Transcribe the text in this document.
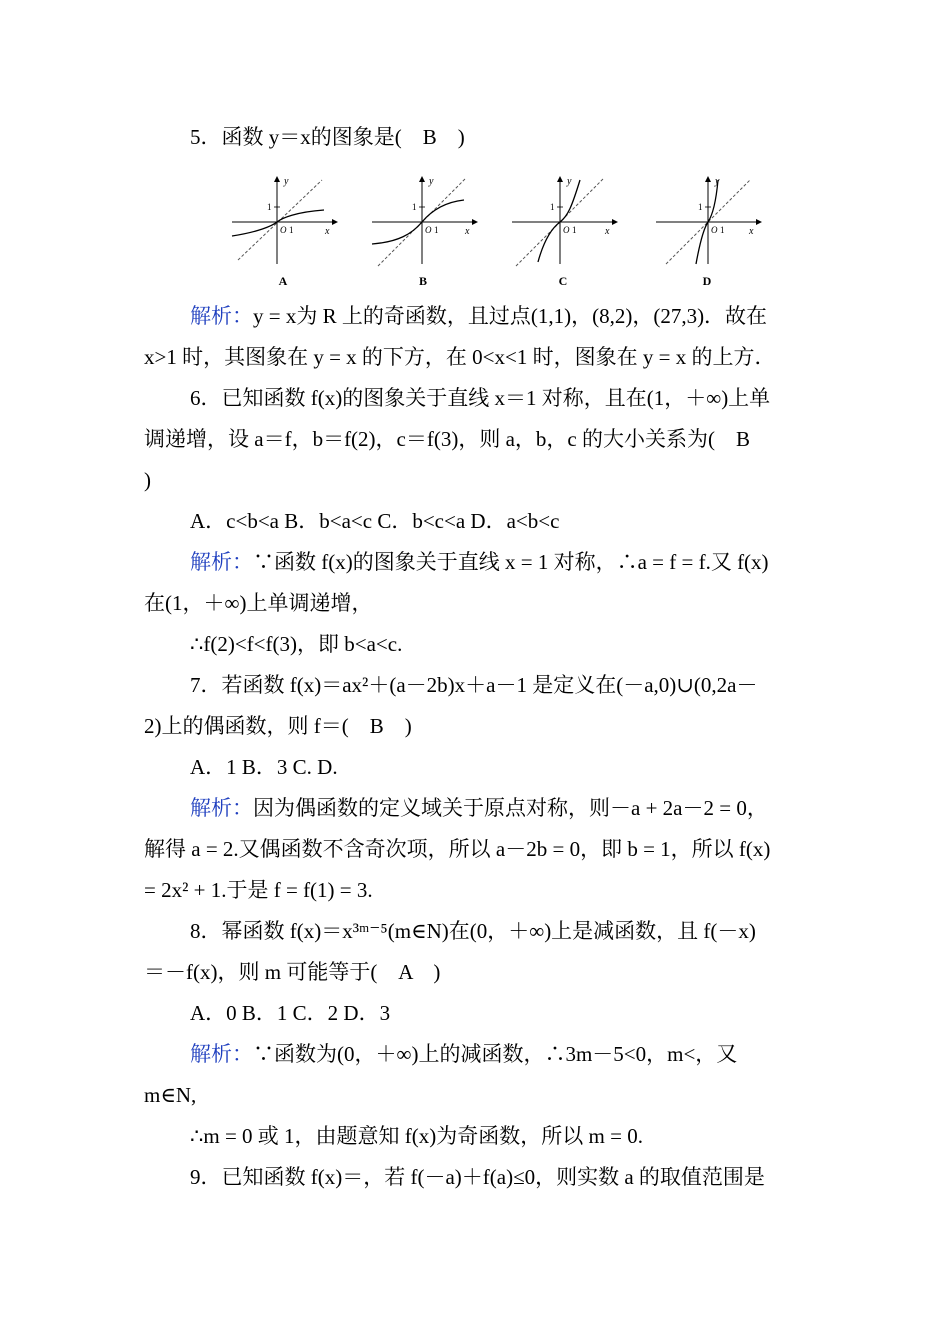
5．函数 y＝x的图象是(　B　)
y
x
O 1
1
A
y
x
O 1
1
B
y
x
O 1
1
C
y
x
O 1
1
D
解析：y = x为 R 上的奇函数，且过点(1,1)，(8,2)，(27,3)．故在
x>1 时，其图象在 y = x 的下方，在 0<x<1 时，图象在 y = x 的上方．
6．已知函数 f(x)的图象关于直线 x＝1 对称，且在(1，＋∞)上单
调递增，设 a＝f，b＝f(2)，c＝f(3)，则 a，b，c 的大小关系为(　B
)
A．c<b<a B．b<a<c C．b<c<a D．a<b<c
解析：∵函数 f(x)的图象关于直线 x = 1 对称，∴a = f = f.又 f(x)
在(1，＋∞)上单调递增，
∴f(2)<f<f(3)，即 b<a<c.
7．若函数 f(x)＝ax²＋(a－2b)x＋a－1 是定义在(－a,0)∪(0,2a－
2)上的偶函数，则 f＝(　B　)
A．1 B．3 C. D.
解析：因为偶函数的定义域关于原点对称，则－a + 2a－2 = 0，
解得 a = 2.又偶函数不含奇次项，所以 a－2b = 0，即 b = 1，所以 f(x)
= 2x² + 1.于是 f = f(1) = 3.
8．幂函数 f(x)＝x³ᵐ⁻⁵(m∈N)在(0，＋∞)上是减函数，且 f(－x)
＝－f(x)，则 m 可能等于(　A　)
A．0 B．1 C．2 D．3
解析：∵函数为(0，＋∞)上的减函数，∴3m－5<0，m<，又
m∈N,
∴m = 0 或 1，由题意知 f(x)为奇函数，所以 m = 0.
9．已知函数 f(x)＝，若 f(－a)＋f(a)≤0，则实数 a 的取值范围是
